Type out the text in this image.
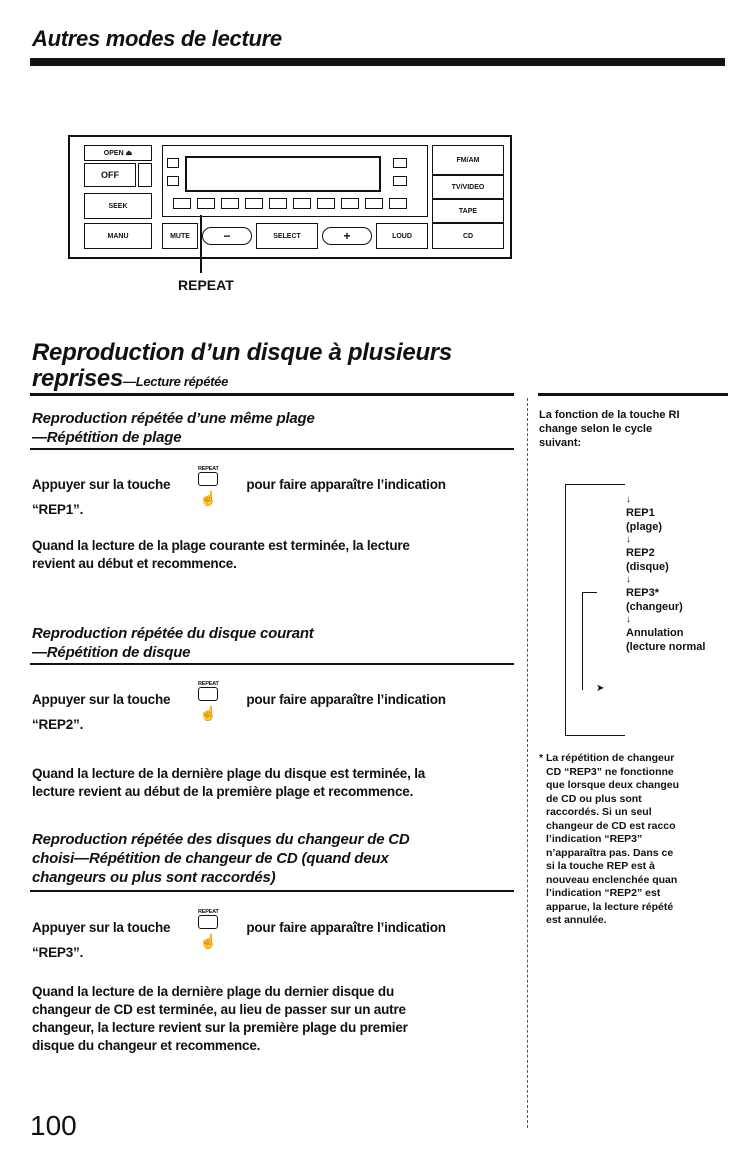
Autres modes de lecture
OPEN ⏏
OFF
SEEK
MANU	MUTE	−	SELECT	+	LOUD
FM/AM
TV/VIDEO
TAPE
CD
REPEAT
Reproduction d’un disque à plusieurs
reprises—Lecture répétée
Reproduction répétée d’une même plage
—Répétition de plage
Appuyer sur la touche
REPEAT
☝
pour faire apparaître l’indication
“REP1”.
Quand la lecture de la plage courante est terminée, la lecture
revient au début et recommence.
Reproduction répétée du disque courant
—Répétition de disque
Appuyer sur la touche
REPEAT
☝
pour faire apparaître l’indication
“REP2”.
Quand la lecture de la dernière plage du disque est terminée, la
lecture revient au début de la première plage et recommence.
Reproduction répétée des disques du changeur de CD
choisi—Répétition de changeur de CD (quand deux
changeurs ou plus sont raccordés)
Appuyer sur la touche
REPEAT
☝
pour faire apparaître l’indication
“REP3”.
Quand la lecture de la dernière plage du dernier disque du
changeur de CD est terminée, au lieu de passer sur un autre
changeur, la lecture revient sur la première plage du premier
disque du changeur et recommence.
La fonction de la touche RI
change selon le cycle
suivant:
➤
↓
REP1
(plage)
↓
REP2
(disque)
↓
REP3*
(changeur)
↓
Annulation
(lecture normal
* La répétition de changeur
CD “REP3” ne fonctionne
que lorsque deux changeu
de CD ou plus sont
raccordés. Si un seul
changeur de CD est racco
l’indication “REP3”
n’apparaîtra pas. Dans ce
si la touche REP est à
nouveau enclenchée quan
l’indication “REP2” est
apparue, la lecture répété
est annulée.
100
